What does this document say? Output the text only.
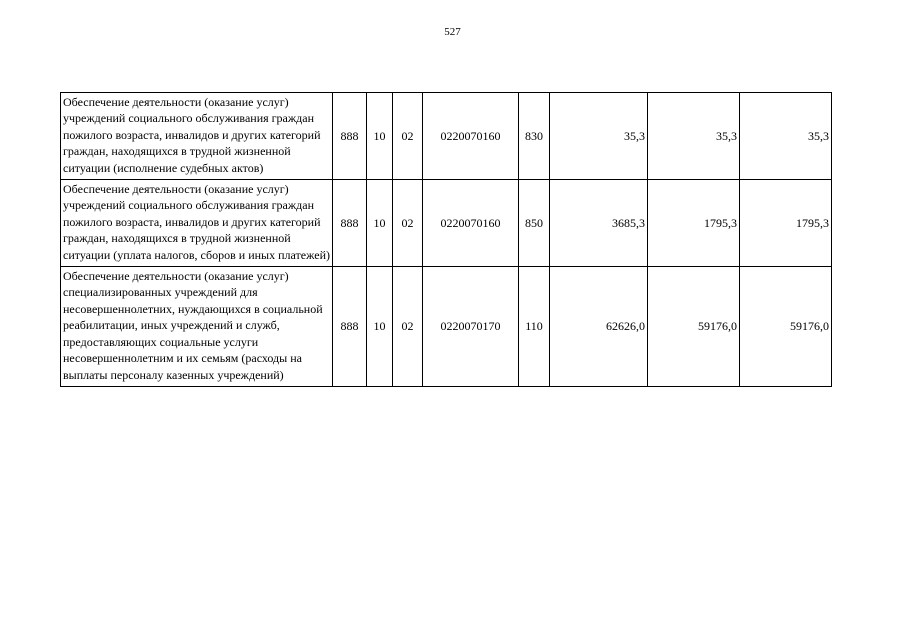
527
Обеспечение деятельности (оказание услуг) учреждений социального обслуживания граждан пожилого возраста, инвалидов и других категорий граждан, находящихся в трудной жизненной ситуации (исполнение судебных актов)	888	10	02	0220070160	830	35,3	35,3	35,3
Обеспечение деятельности (оказание услуг) учреждений социального обслуживания граждан пожилого возраста, инвалидов и других категорий граждан, находящихся в трудной жизненной ситуации (уплата налогов, сборов и иных платежей)	888	10	02	0220070160	850	3685,3	1795,3	1795,3
Обеспечение деятельности (оказание услуг) специализированных учреждений для несовершеннолетних, нуждающихся в социальной реабилитации, иных учреждений и служб, предоставляющих социальные услуги несовершеннолетним и их семьям (расходы на выплаты персоналу казенных учреждений)	888	10	02	0220070170	110	62626,0	59176,0	59176,0
